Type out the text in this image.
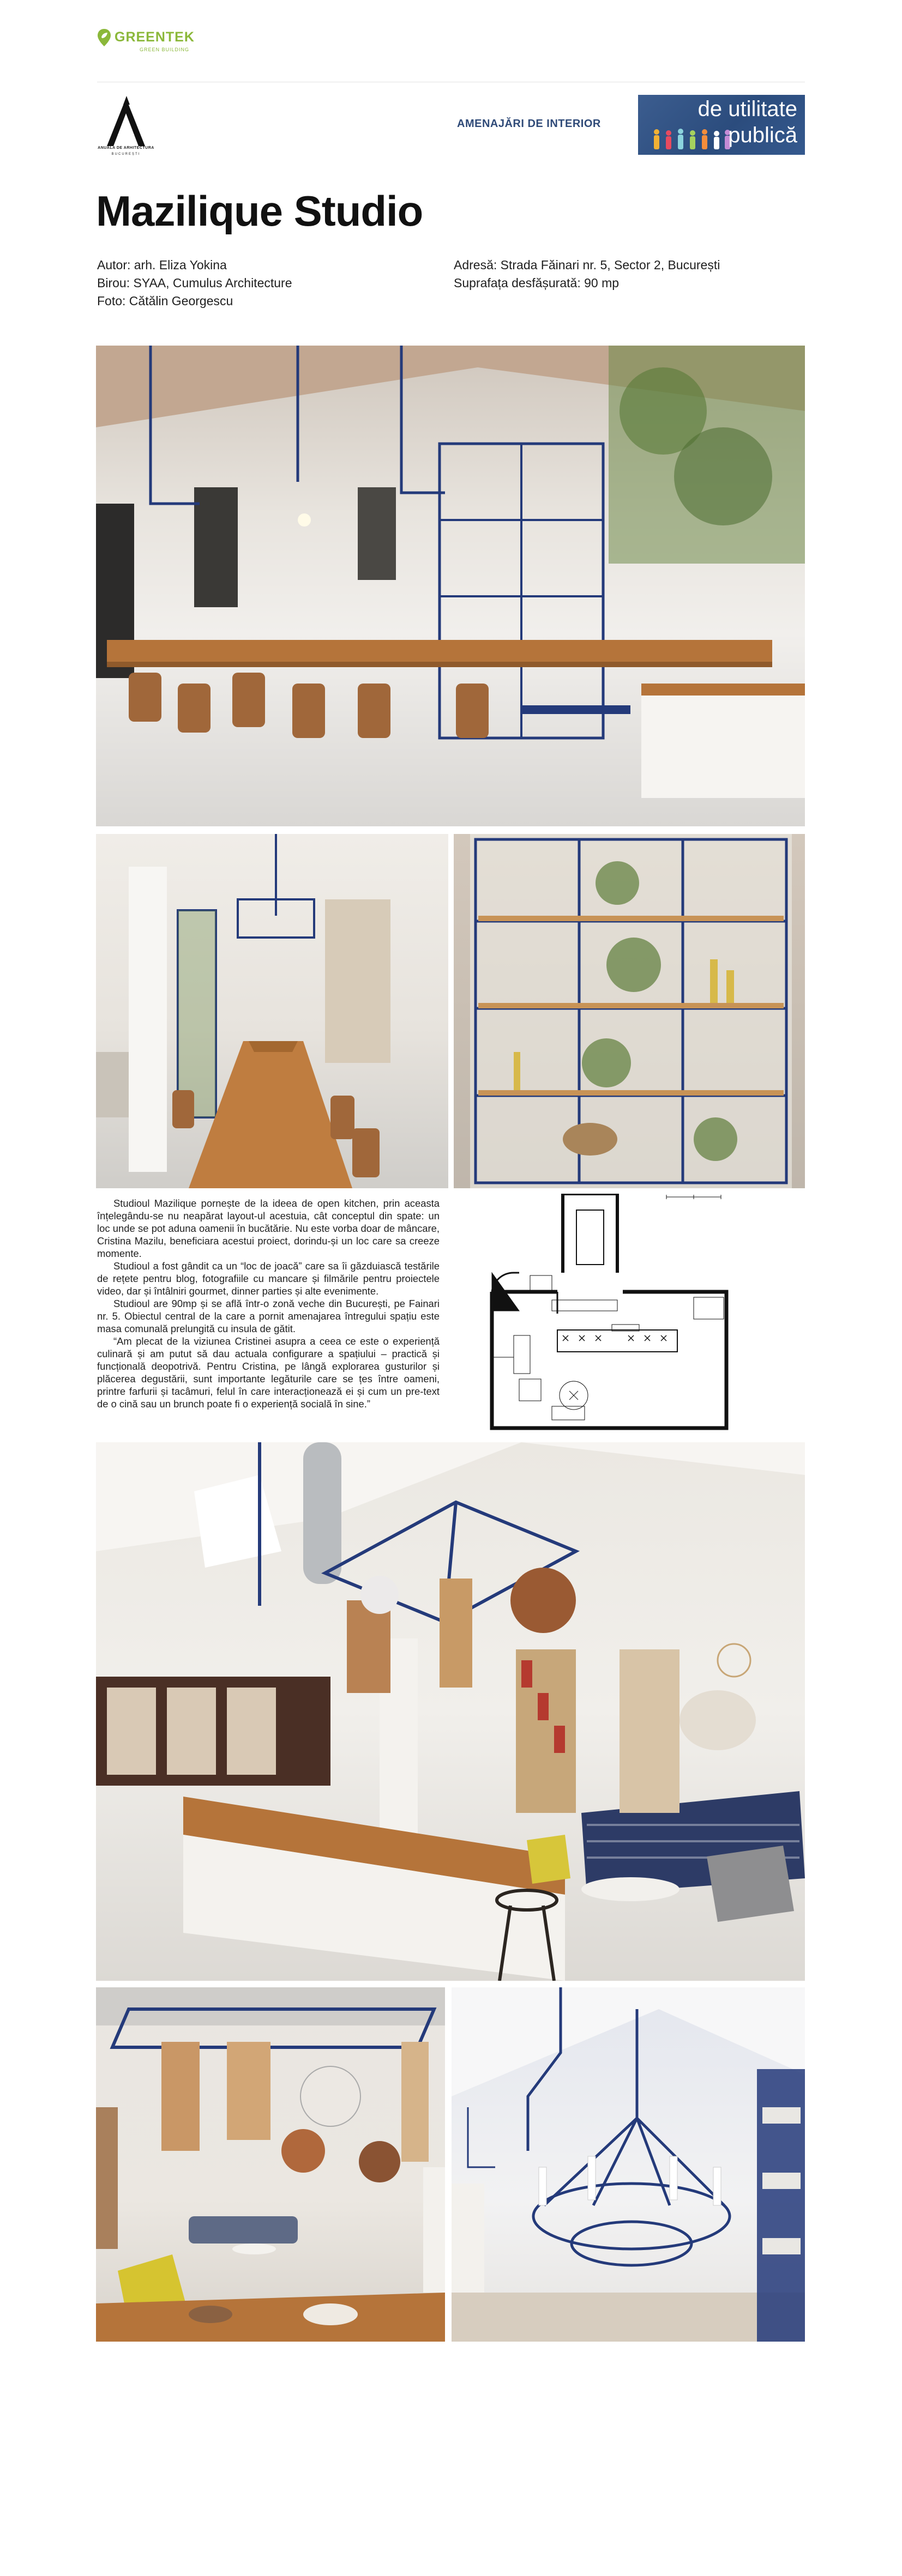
GREENTEK
GREEN BUILDING
ANUALA DE ARHITECTURA
BUCUREȘTI
AMENAJĂRI DE INTERIOR
de utilitate
publică
Mazilique Studio
Autor: arh. Eliza Yokina
Birou: SYAA, Cumulus Architecture
Foto: Cătălin Georgescu
Adresă: Strada Făinari nr. 5, Sector 2, București
Suprafața desfășurată: 90 mp

Studioul Mazilique pornește de la ideea de open kitchen, prin aceasta înțelegându-se nu neapărat layout-ul acestuia, cât conceptul din spate: un loc unde se pot aduna oamenii în bucătărie. Nu este vorba doar de mâncare, Cristina Mazilu, beneficiara acestui proiect, dorindu-și un loc care sa creeze momente.

Studioul a fost gândit ca un “loc de joacă” care sa îi găzduiască testările de rețete pentru blog, fotografiile cu mancare și filmările pentru proiectele video, dar și întâlniri gourmet, dinner parties și alte evenimente.

Studioul are 90mp și se află într-o zonă veche din București, pe Fainari nr. 5. Obiectul central de la care a pornit amenajarea întregului spațiu este masa comunală prelungită cu insula de gătit.

“Am plecat de la viziunea Cristinei asupra a ceea ce este o experiență culinară și am putut să dau actuala configurare a spațiului – practică și funcțională deopotrivă. Pentru Cristina, pe lângă explorarea gusturilor și plăcerea degustării, sunt importante legăturile care se țes între oameni, printre farfurii și tacâmuri, felul în care interacționează ei și cum un pre-text de o cină sau un brunch poate fi o experiență socială în sine.”
